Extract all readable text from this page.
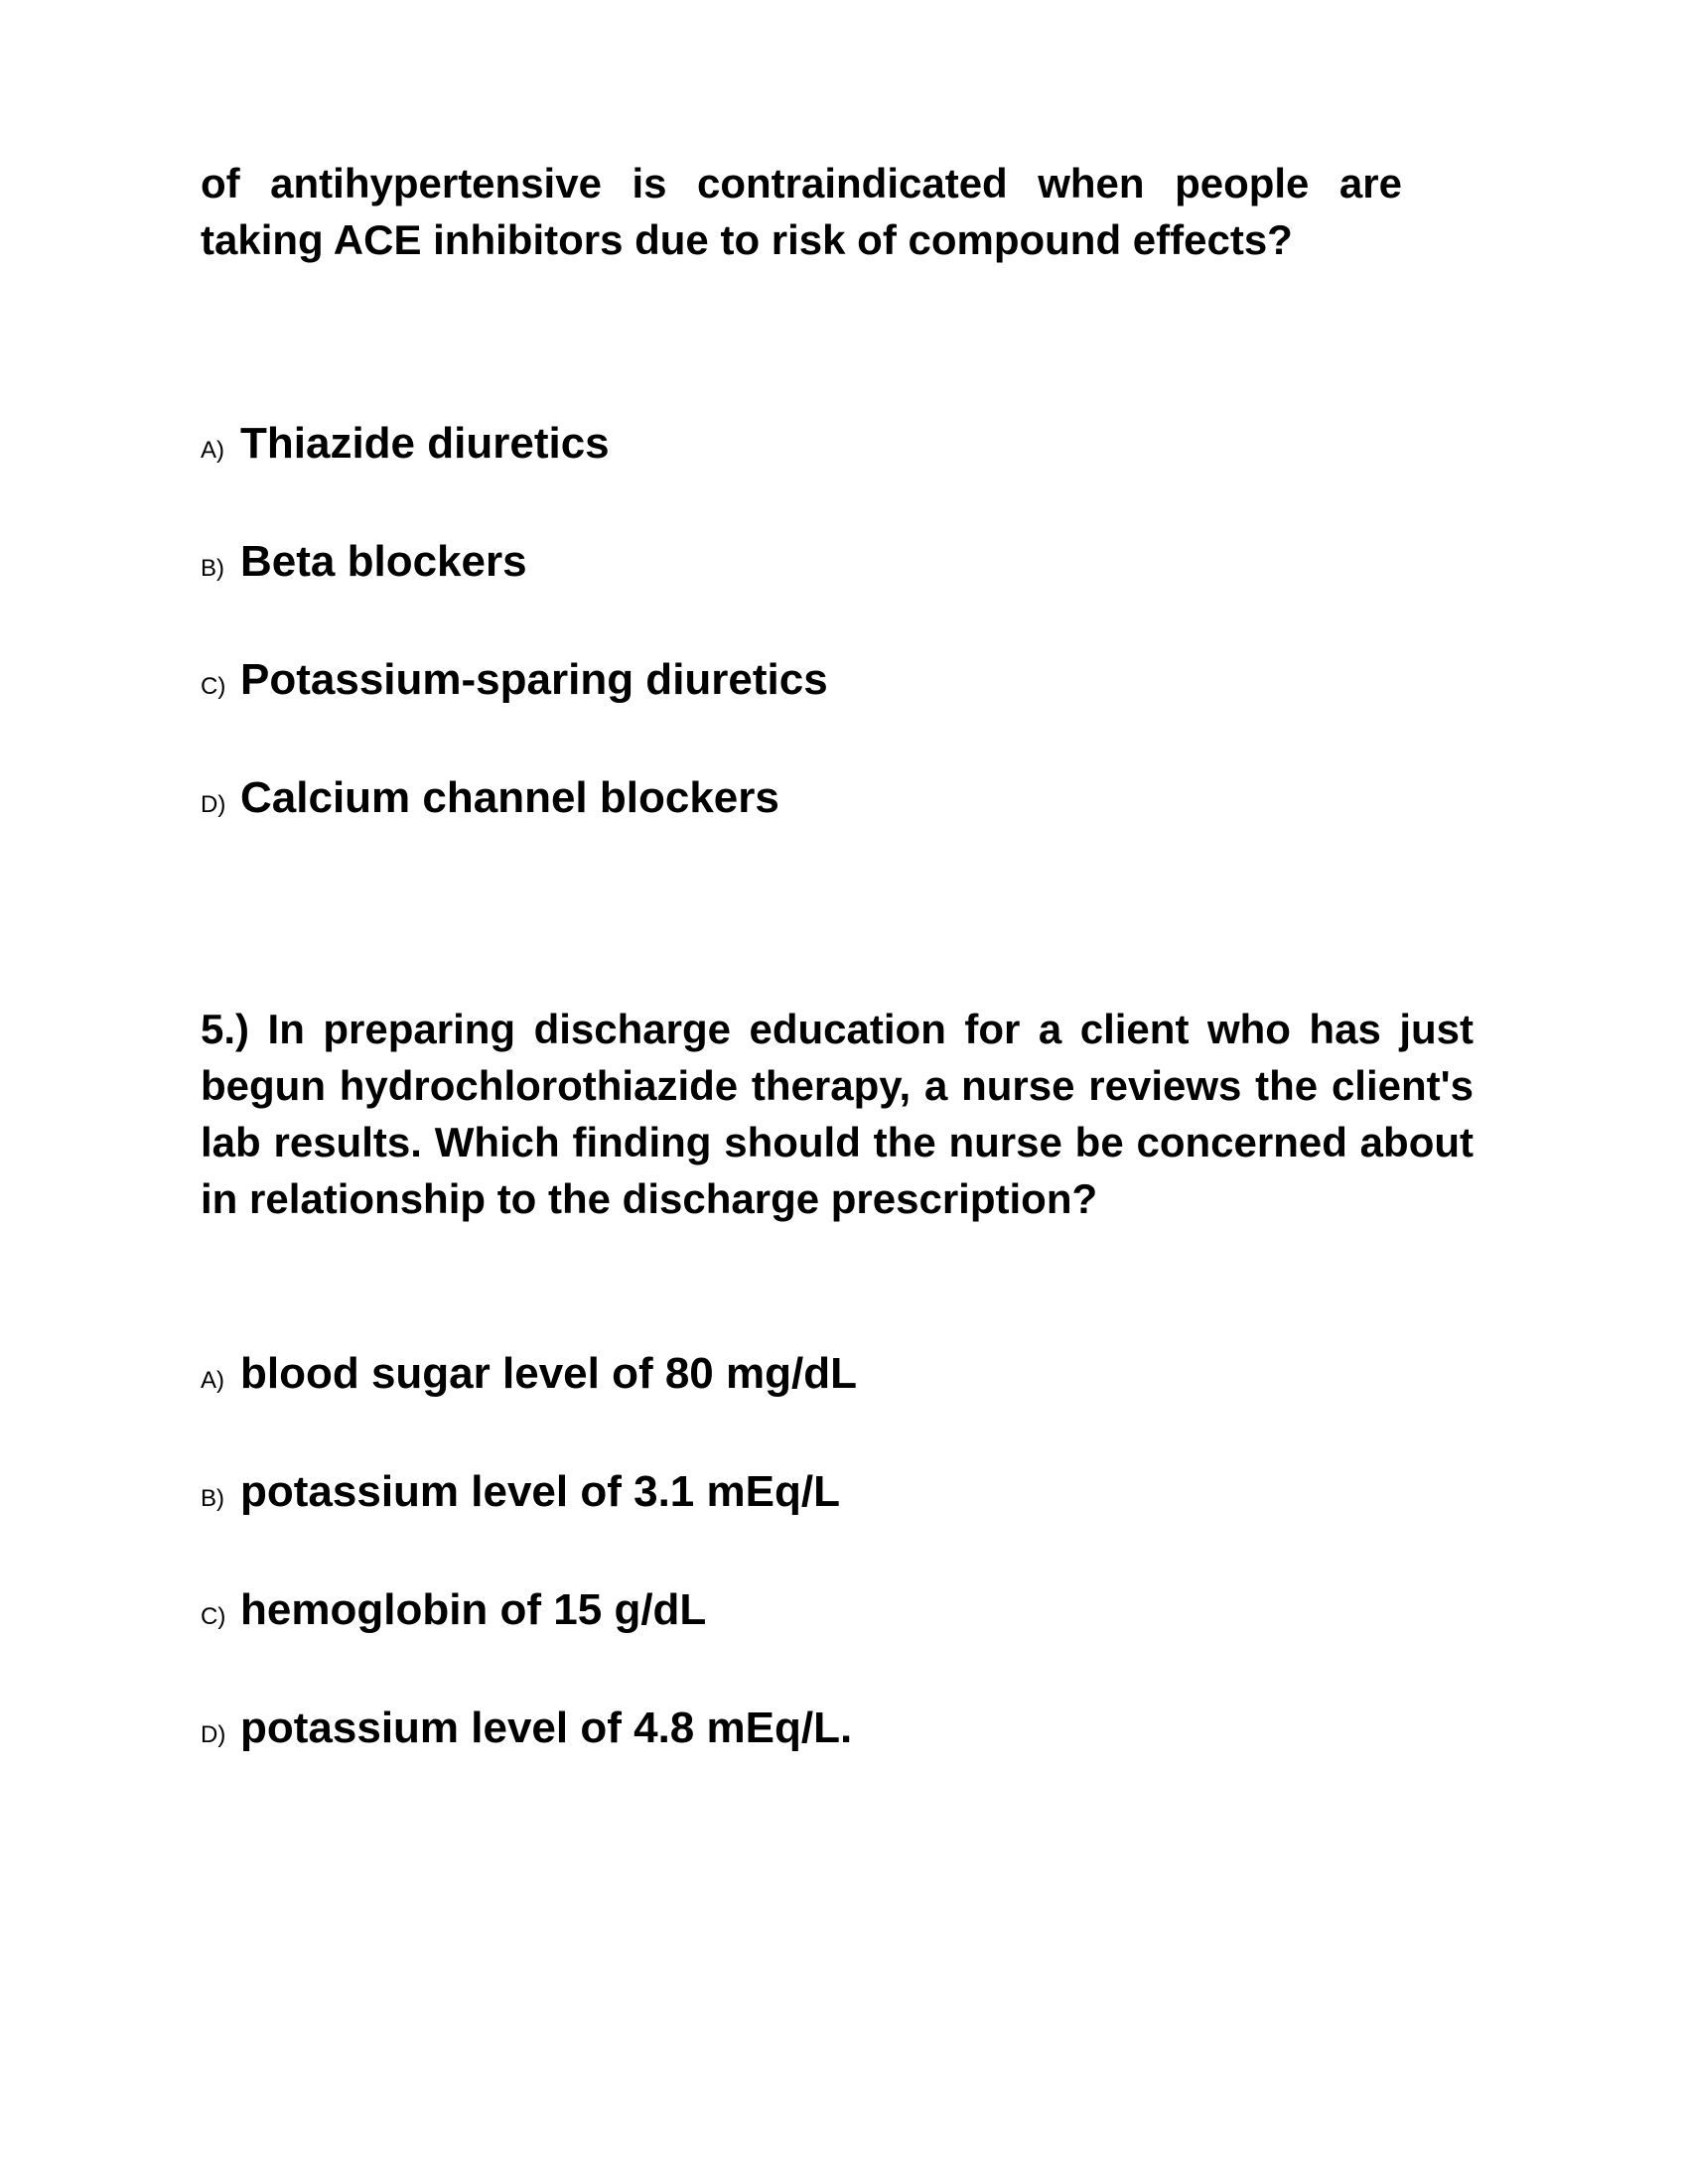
of antihypertensive is contraindicated when people are taking ACE inhibitors due to risk of compound effects?
A) Thiazide diuretics
B) Beta blockers
C) Potassium-sparing diuretics
D) Calcium channel blockers
5.) In preparing discharge education for a client who has just begun hydrochlorothiazide therapy, a nurse reviews the client's lab results. Which finding should the nurse be concerned about in relationship to the discharge prescription?
A) blood sugar level of 80 mg/dL
B) potassium level of 3.1 mEq/L
C) hemoglobin of 15 g/dL
D) potassium level of 4.8 mEq/L.
